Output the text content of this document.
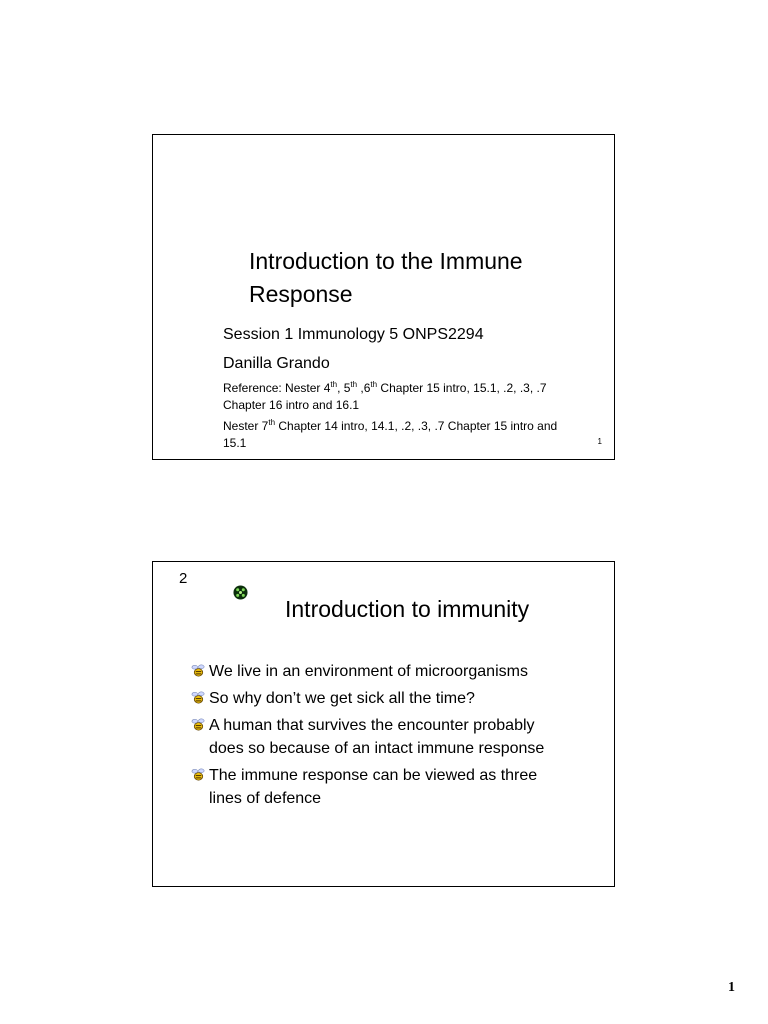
Introduction to the Immune Response
Session 1 Immunology 5 ONPS2294
Danilla Grando
Reference: Nester 4th, 5th ,6th Chapter 15 intro, 15.1, .2, .3, .7 Chapter 16 intro and 16.1
Nester 7th Chapter 14 intro, 14.1, .2, .3, .7 Chapter 15 intro and 15.1	1
2
Introduction to immunity
We live in an environment of microorganisms
So why don’t we get sick all the time?
A human that survives the encounter probably does so because of an intact immune response
The immune response can be viewed as three lines of defence
1
